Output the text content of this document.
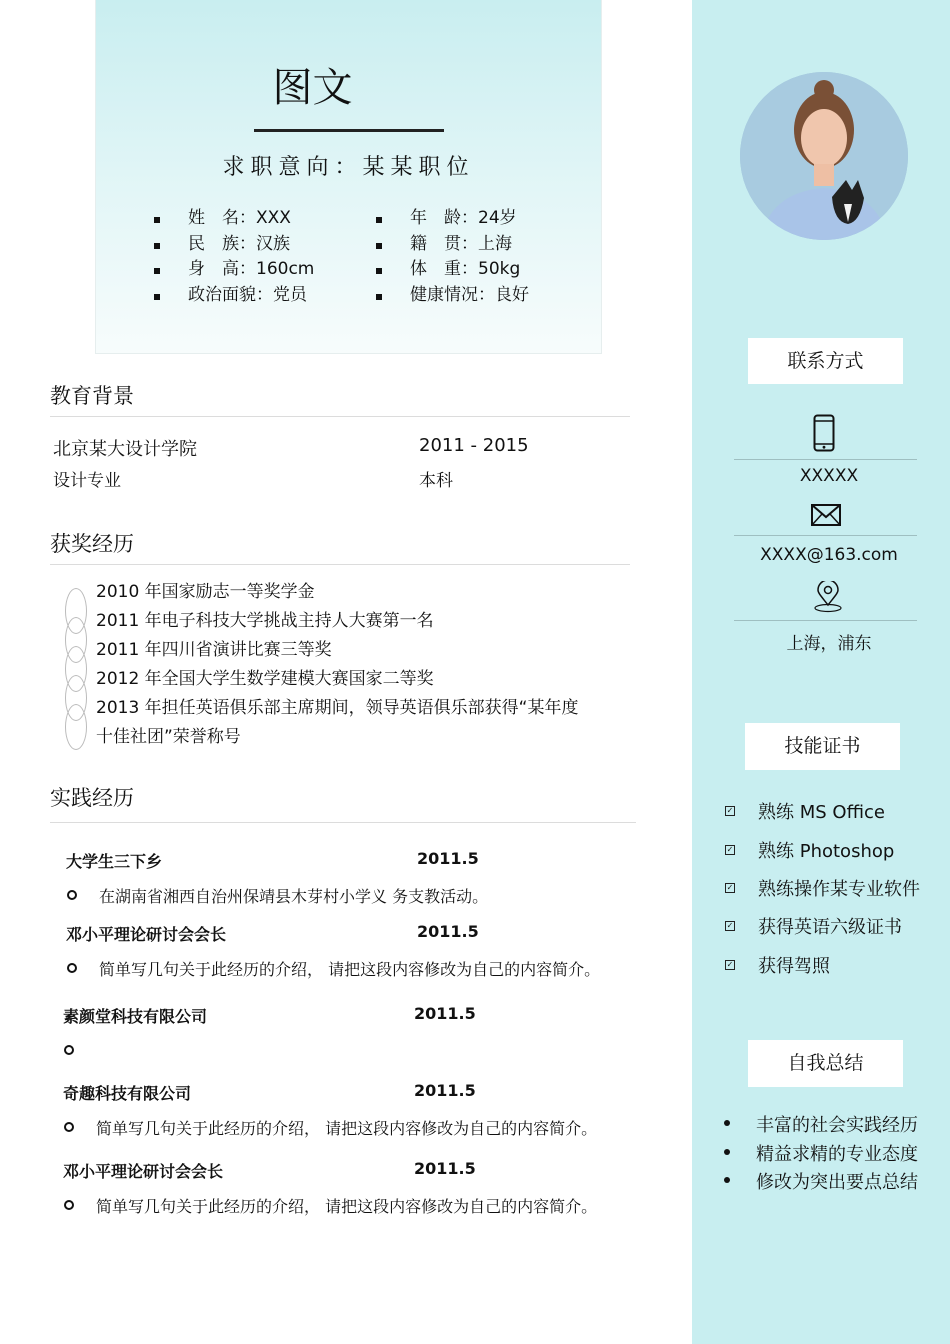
图文
求职意向：某某职位
姓　名：XXX
民　族：汉族
身　高：160cm
政治面貌：党员
年　龄：24岁
籍　贯：上海
体　重：50kg
健康情况：良好
教育背景
北京某大设计学院	2011 - 2015
设计专业	本科
获奖经历
2010 年国家励志一等奖学金
2011 年电子科技大学挑战主持人大赛第一名
2011 年四川省演讲比赛三等奖
2012 年全国大学生数学建模大赛国家二等奖
2013 年担任英语俱乐部主席期间，领导英语俱乐部获得“某年度十佳社团”荣誉称号
实践经历
大学生三下乡	2011.5
在湖南省湘西自治州保靖县木芽村小学义 务支教活动。
邓小平理论研讨会会长	2011.5
简单写几句关于此经历的介绍， 请把这段内容修改为自己的内容简介。
素颜堂科技有限公司	2011.5
奇趣科技有限公司	2011.5
简单写几句关于此经历的介绍， 请把这段内容修改为自己的内容简介。
邓小平理论研讨会会长	2011.5
简单写几句关于此经历的介绍， 请把这段内容修改为自己的内容简介。
联系方式
XXXXX
XXXX@163.com
上海，浦东
技能证书
✓ 熟练 MS Office
✓ 熟练 Photoshop
✓ 熟练操作某专业软件
✓ 获得英语六级证书
✓ 获得驾照
自我总结
丰富的社会实践经历
精益求精的专业态度
修改为突出要点总结
